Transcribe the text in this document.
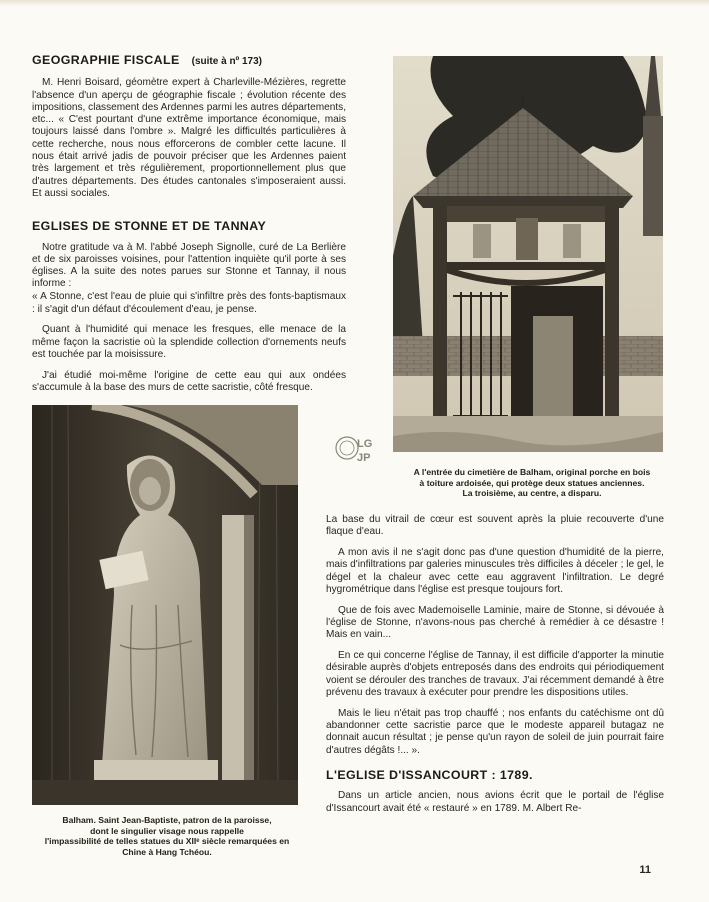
GEOGRAPHIE FISCALE (suite à nº 173)

M. Henri Boisard, géomètre expert à Charleville-Mézières, regrette l'absence d'un aperçu de géographie fiscale ; évolution récente des impositions, classement des Ardennes parmi les autres départements, etc... « C'est pourtant d'une extrême importance économique, mais toujours laissé dans l'ombre ». Malgré les difficultés particulières à cette recherche, nous nous efforcerons de combler cette lacune. Il nous était arrivé jadis de pouvoir préciser que les Ardennes paient très largement et très régulièrement, proportionnellement plus que d'autres départements. Des études cantonales s'imposeraient aussi. Et aussi sociales.

EGLISES DE STONNE ET DE TANNAY

Notre gratitude va à M. l'abbé Joseph Signolle, curé de La Berlière et de six paroisses voisines, pour l'attention inquiète qu'il porte à ses églises. A la suite des notes parues sur Stonne et Tannay, il nous informe :

« A Stonne, c'est l'eau de pluie qui s'infiltre près des fonts-baptismaux : il s'agit d'un défaut d'écoulement d'eau, je pense.

Quant à l'humidité qui menace les fresques, elle menace de la même façon la sacristie où la splendide collection d'ornements neufs est touchée par la moisissure.

J'ai étudié moi-même l'origine de cette eau qui aux ondées s'accumule à la base des murs de cette sacristie, côté fresque.

A l'entrée du cimetière de Balham, original porche en bois
à toiture ardoisée, qui protège deux statues anciennes.
La troisième, au centre, a disparu.
LG
JP
Balham. Saint Jean-Baptiste, patron de la paroisse,
dont le singulier visage nous rappelle
l'impassibilité de telles statues du XIIᵉ siècle remarquées en
Chine à Hang Tchéou.

La base du vitrail de cœur est souvent après la pluie recouverte d'une flaque d'eau.

A mon avis il ne s'agit donc pas d'une question d'humidité de la pierre, mais d'infiltrations par galeries minuscules très difficiles à déceler ; le gel, le dégel et la chaleur avec cette eau aggravent l'infiltration. Le degré hygrométrique dans l'église est presque toujours fort.

Que de fois avec Mademoiselle Laminie, maire de Stonne, si dévouée à l'église de Stonne, n'avons-nous pas cherché à remédier à ce désastre ! Mais en vain...

En ce qui concerne l'église de Tannay, il est difficile d'apporter la minutie désirable auprès d'objets entreposés dans des endroits qui périodiquement voient se dérouler des tranches de travaux. J'ai récemment demandé à être prévenu des travaux à exécuter pour prendre les dispositions utiles.

Mais le lieu n'était pas trop chauffé ; nos enfants du catéchisme ont dû abandonner cette sacristie parce que le modeste appareil butagaz ne donnait aucun résultat ; je pense qu'un rayon de soleil de juin pourrait faire d'autres dégâts !... ».

L'EGLISE D'ISSANCOURT : 1789.

Dans un article ancien, nous avions écrit que le portail de l'église d'Issancourt avait été « restauré » en 1789. M. Albert Re-

11
